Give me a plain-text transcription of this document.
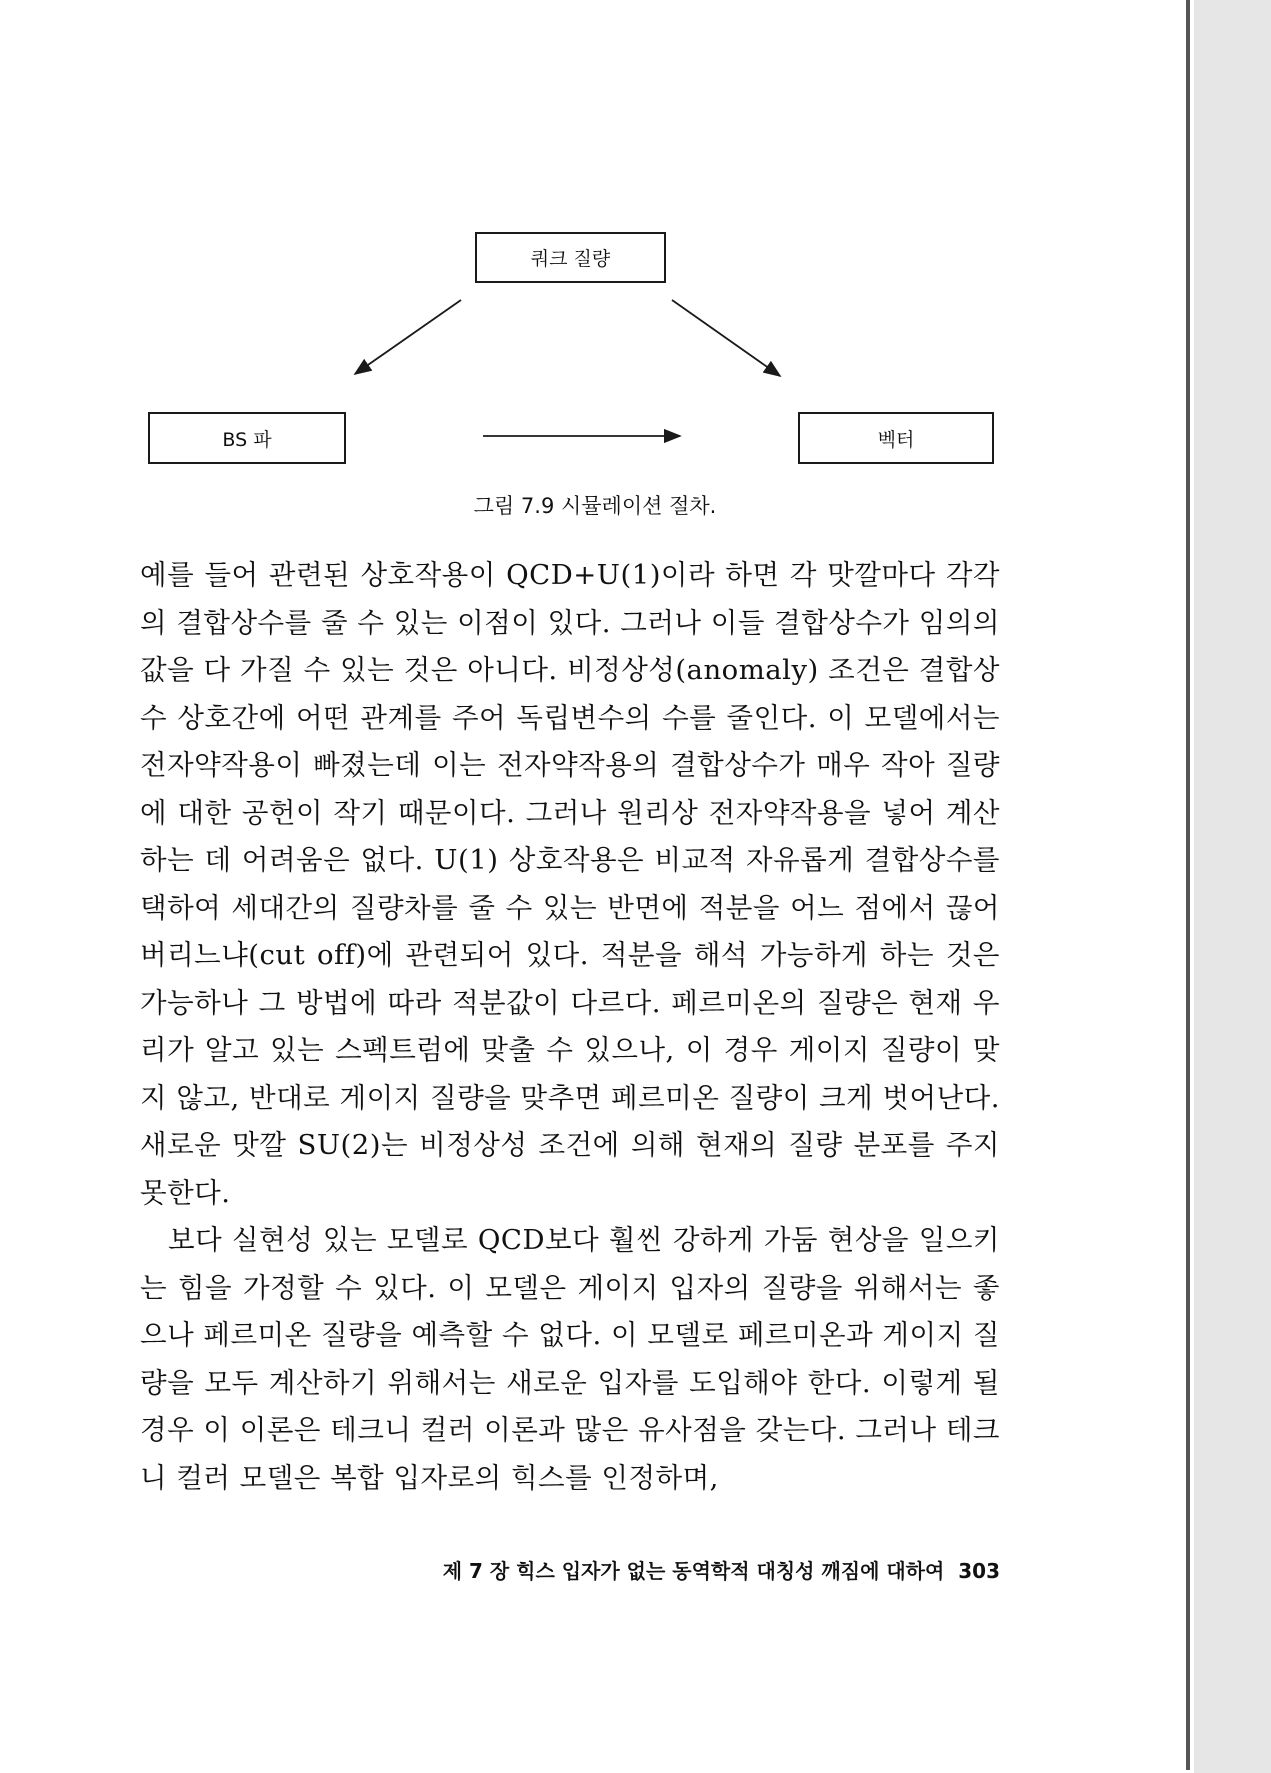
쿼크 질량
BS 파	벡터
그림 7.9 시뮬레이션 절차.

예를 들어 관련된 상호작용이 QCD+U(1)이라 하면 각 맛깔마다 각각의 결합상수를 줄 수 있는 이점이 있다. 그러나 이들 결합상수가 임의의 값을 다 가질 수 있는 것은 아니다. 비정상성(anomaly) 조건은 결합상수 상호간에 어떤 관계를 주어 독립변수의 수를 줄인다. 이 모델에서는 전자약작용이 빠졌는데 이는 전자약작용의 결합상수가 매우 작아 질량에 대한 공헌이 작기 때문이다. 그러나 원리상 전자약작용을 넣어 계산하는 데 어려움은 없다. U(1) 상호작용은 비교적 자유롭게 결합상수를 택하여 세대간의 질량차를 줄 수 있는 반면에 적분을 어느 점에서 끊어버리느냐(cut off)에 관련되어 있다. 적분을 해석 가능하게 하는 것은 가능하나 그 방법에 따라 적분값이 다르다. 페르미온의 질량은 현재 우리가 알고 있는 스펙트럼에 맞출 수 있으나, 이 경우 게이지 질량이 맞지 않고, 반대로 게이지 질량을 맞추면 페르미온 질량이 크게 벗어난다. 새로운 맛깔 SU(2)는 비정상성 조건에 의해 현재의 질량 분포를 주지 못한다.

보다 실현성 있는 모델로 QCD보다 훨씬 강하게 가둠 현상을 일으키는 힘을 가정할 수 있다. 이 모델은 게이지 입자의 질량을 위해서는 좋으나 페르미온 질량을 예측할 수 없다. 이 모델로 페르미온과 게이지 질량을 모두 계산하기 위해서는 새로운 입자를 도입해야 한다. 이렇게 될 경우 이 이론은 테크니 컬러 이론과 많은 유사점을 갖는다. 그러나 테크니 컬러 모델은 복합 입자로의 힉스를 인정하며,

제 7 장 힉스 입자가 없는 동역학적 대칭성 깨짐에 대하여 303
